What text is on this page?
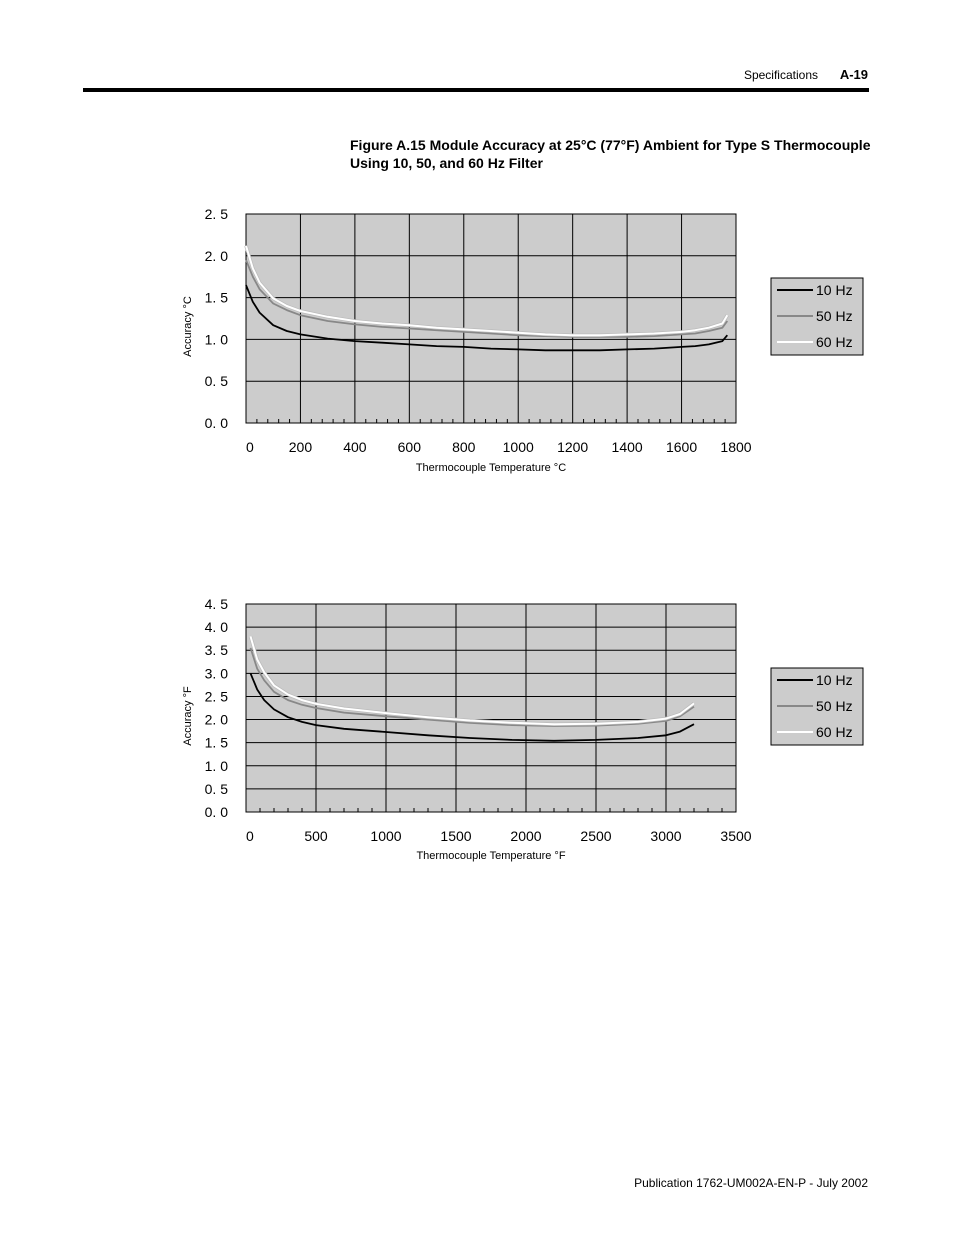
Specifications A-19
Figure A.15 Module Accuracy at 25°C (77°F) Ambient for Type S Thermocouple
Using 10, 50, and 60 Hz Filter
0. 0
0. 5
1. 0
1. 5
2. 0
2. 5
0 200 400 600 800 1000 1200 1400 1600 1800
Thermocouple Temperature °C
Accuracy °C
10 Hz
50 Hz
60 Hz
0. 0
0. 5
1. 0
1. 5
2. 0
2. 5
3. 0
3. 5
4. 0
4. 5
0	500	1000	1500	2000	2500	3000	3500
Thermocouple Temperature °F
Accuracy °F
10 Hz
50 Hz
60 Hz
Publication 1762-UM002A-EN-P - July 2002
